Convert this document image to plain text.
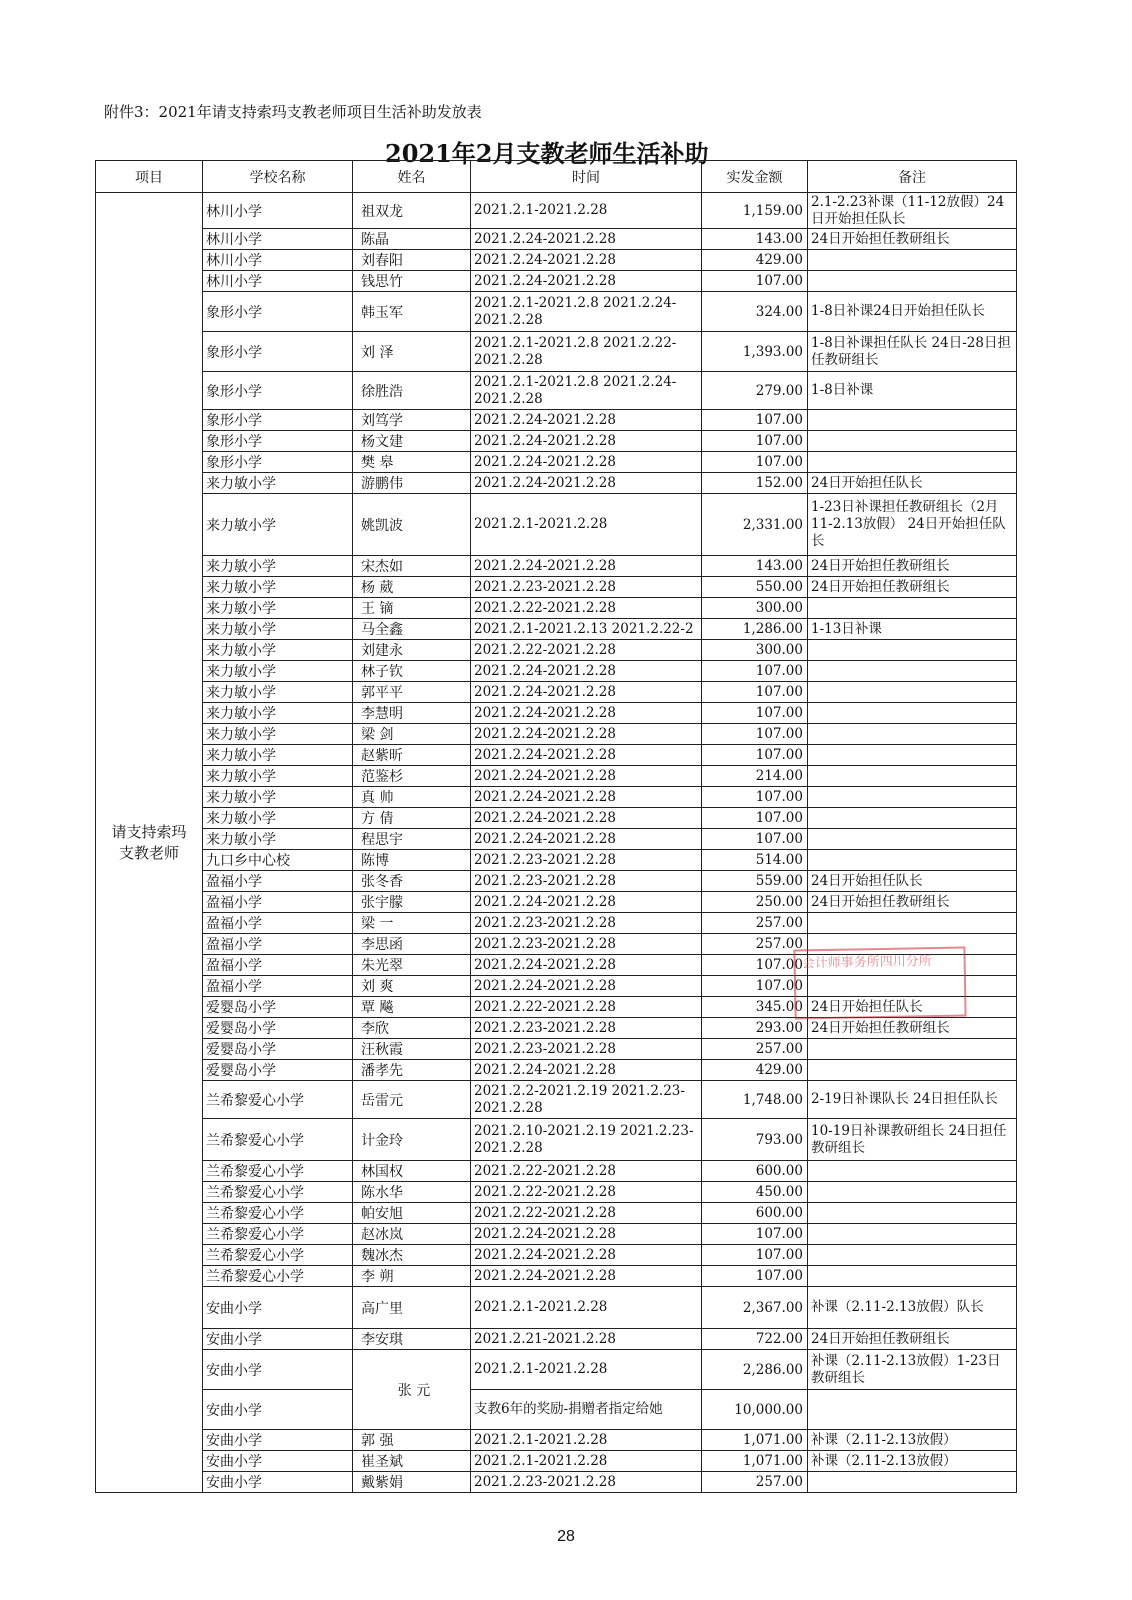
附件3：2021年请支持索玛支教老师项目生活补助发放表
2021年2月支教老师生活补助
项目	学校名称	姓名	时间	实发金额	备注
请支持索玛支教老师	林川小学	祖双龙	2021.2.1-2021.2.28	1,159.00	2.1-2.23补课（11-12放假）24日开始担任队长
	林川小学	陈晶	2021.2.24-2021.2.28	143.00	24日开始担任教研组长
	林川小学	刘春阳	2021.2.24-2021.2.28	429.00	
	林川小学	钱思竹	2021.2.24-2021.2.28	107.00	
	象形小学	韩玉军	2021.2.1-2021.2.8 2021.2.24-2021.2.28	324.00	1-8日补课24日开始担任队长
	象形小学	刘 泽	2021.2.1-2021.2.8 2021.2.22-2021.2.28	1,393.00	1-8日补课担任队长 24日-28日担任教研组长
	象形小学	徐胜浩	2021.2.1-2021.2.8 2021.2.24-2021.2.28	279.00	1-8日补课
	象形小学	刘笃学	2021.2.24-2021.2.28	107.00	
	象形小学	杨文建	2021.2.24-2021.2.28	107.00	
	象形小学	樊 皋	2021.2.24-2021.2.28	107.00	
	来力敏小学	游鹏伟	2021.2.24-2021.2.28	152.00	24日开始担任队长
	来力敏小学	姚凯波	2021.2.1-2021.2.28	2,331.00	1-23日补课担任教研组长（2月11-2.13放假） 24日开始担任队长
	来力敏小学	宋杰如	2021.2.24-2021.2.28	143.00	24日开始担任教研组长
	来力敏小学	杨 葳	2021.2.23-2021.2.28	550.00	24日开始担任教研组长
	来力敏小学	王 镝	2021.2.22-2021.2.28	300.00	
	来力敏小学	马全鑫	2021.2.1-2021.2.13 2021.2.22-2	1,286.00	1-13日补课
	来力敏小学	刘建永	2021.2.22-2021.2.28	300.00	
	来力敏小学	林子钦	2021.2.24-2021.2.28	107.00	
	来力敏小学	郭平平	2021.2.24-2021.2.28	107.00	
	来力敏小学	李慧明	2021.2.24-2021.2.28	107.00	
	来力敏小学	梁 剑	2021.2.24-2021.2.28	107.00	
	来力敏小学	赵紫昕	2021.2.24-2021.2.28	107.00	
	来力敏小学	范鉴杉	2021.2.24-2021.2.28	214.00	
	来力敏小学	真 帅	2021.2.24-2021.2.28	107.00	
	来力敏小学	方 倩	2021.2.24-2021.2.28	107.00	
	来力敏小学	程思宇	2021.2.24-2021.2.28	107.00	
	九口乡中心校	陈博	2021.2.23-2021.2.28	514.00	
	盈福小学	张冬香	2021.2.23-2021.2.28	559.00	24日开始担任队长
	盈福小学	张宇朦	2021.2.24-2021.2.28	250.00	24日开始担任教研组长
	盈福小学	梁 一	2021.2.23-2021.2.28	257.00	
	盈福小学	李思函	2021.2.23-2021.2.28	257.00	
	盈福小学	朱光翠	2021.2.24-2021.2.28	107.00	
	盈福小学	刘 爽	2021.2.24-2021.2.28	107.00	
	爱婴岛小学	覃 飚	2021.2.22-2021.2.28	345.00	24日开始担任队长
	爱婴岛小学	李欣	2021.2.23-2021.2.28	293.00	24日开始担任教研组长
	爱婴岛小学	汪秋霞	2021.2.23-2021.2.28	257.00	
	爱婴岛小学	潘孝先	2021.2.24-2021.2.28	429.00	
	兰希黎爱心小学	岳雷元	2021.2.2-2021.2.19 2021.2.23-2021.2.28	1,748.00	2-19日补课队长 24日担任队长
	兰希黎爱心小学	计金玲	2021.2.10-2021.2.19 2021.2.23-2021.2.28	793.00	10-19日补课教研组长 24日担任教研组长
	兰希黎爱心小学	林国权	2021.2.22-2021.2.28	600.00	
	兰希黎爱心小学	陈水华	2021.2.22-2021.2.28	450.00	
	兰希黎爱心小学	帕安旭	2021.2.22-2021.2.28	600.00	
	兰希黎爱心小学	赵冰岚	2021.2.24-2021.2.28	107.00	
	兰希黎爱心小学	魏冰杰	2021.2.24-2021.2.28	107.00	
	兰希黎爱心小学	李 朔	2021.2.24-2021.2.28	107.00	
	安曲小学	高广里	2021.2.1-2021.2.28	2,367.00	补课（2.11-2.13放假）队长
	安曲小学	李安琪	2021.2.21-2021.2.28	722.00	24日开始担任教研组长
	安曲小学	张 元	2021.2.1-2021.2.28	2,286.00	补课（2.11-2.13放假）1-23日教研组长
	安曲小学		支教6年的奖励-捐赠者指定给她	10,000.00	
	安曲小学	郭 强	2021.2.1-2021.2.28	1,071.00	补课（2.11-2.13放假）
	安曲小学	崔圣斌	2021.2.1-2021.2.28	1,071.00	补课（2.11-2.13放假）
	安曲小学	戴紫娟	2021.2.23-2021.2.28	257.00	
会计师事务所四川分所
28
